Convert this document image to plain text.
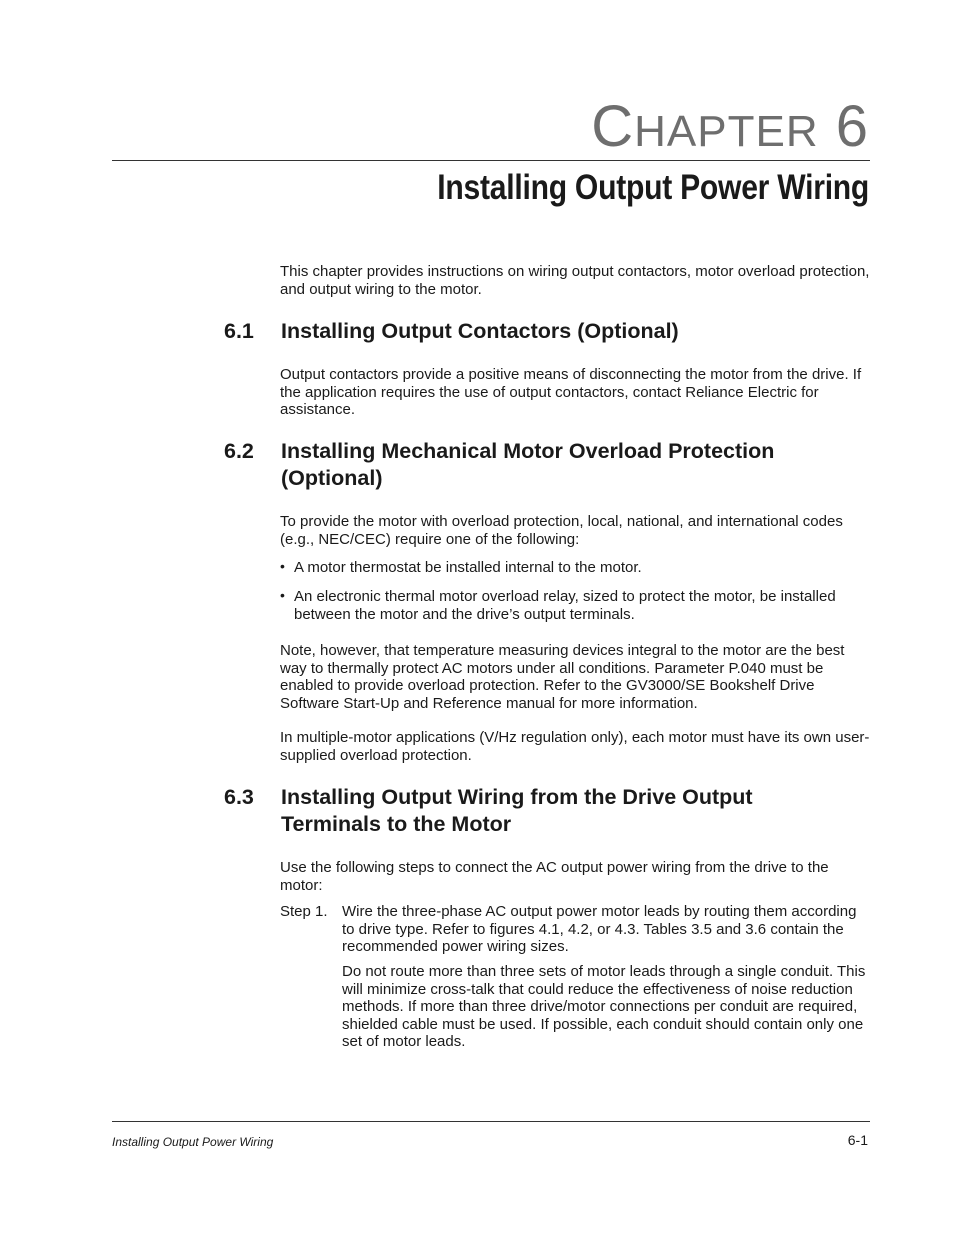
CHAPTER 6
Installing Output Power Wiring

This chapter provides instructions on wiring output contactors, motor overload protection, and output wiring to the motor.

6.1 Installing Output Contactors (Optional)

Output contactors provide a positive means of disconnecting the motor from the drive. If the application requires the use of output contactors, contact Reliance Electric for assistance.

6.2 Installing Mechanical Motor Overload Protection (Optional)

To provide the motor with overload protection, local, national, and international codes (e.g., NEC/CEC) require one of the following:

• A motor thermostat be installed internal to the motor.
• An electronic thermal motor overload relay, sized to protect the motor, be installed between the motor and the drive’s output terminals.

Note, however, that temperature measuring devices integral to the motor are the best way to thermally protect AC motors under all conditions. Parameter P.040 must be enabled to provide overload protection. Refer to the GV3000/SE Bookshelf Drive Software Start-Up and Reference manual for more information.

In multiple-motor applications (V/Hz regulation only), each motor must have its own user-supplied overload protection.

6.3 Installing Output Wiring from the Drive Output Terminals to the Motor

Use the following steps to connect the AC output power wiring from the drive to the motor:

Step 1. Wire the three-phase AC output power motor leads by routing them according to drive type. Refer to figures 4.1, 4.2, or 4.3. Tables 3.5 and 3.6 contain the recommended power wiring sizes.
Do not route more than three sets of motor leads through a single conduit. This will minimize cross-talk that could reduce the effectiveness of noise reduction methods. If more than three drive/motor connections per conduit are required, shielded cable must be used. If possible, each conduit should contain only one set of motor leads.
Installing Output Power Wiring	6-1
